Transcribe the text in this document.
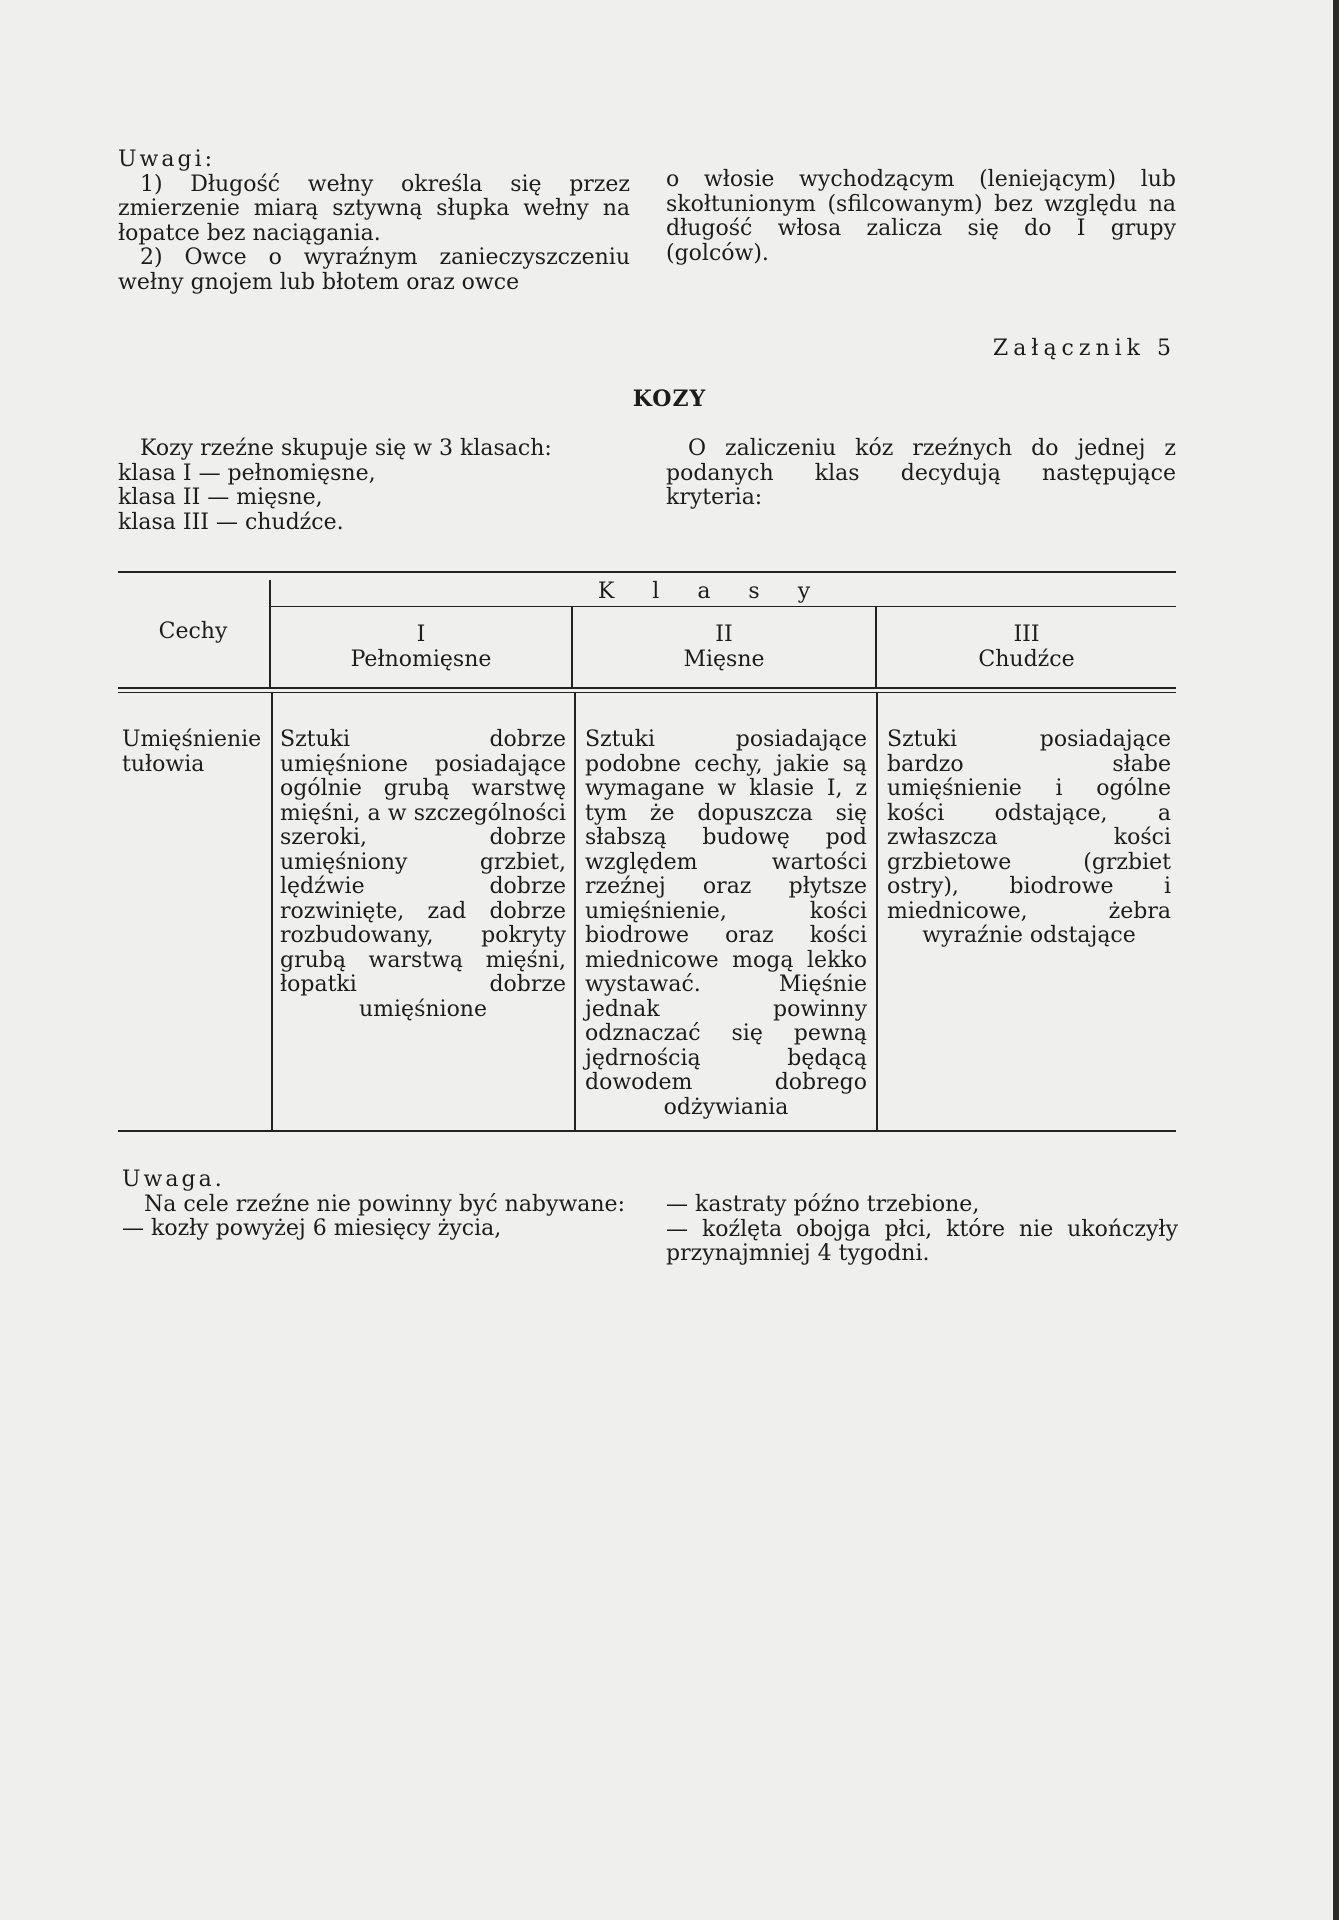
Uwagi:

1) Długość wełny określa się przez zmierzenie miarą sztywną słupka wełny na łopatce bez naciągania.

2) Owce o wyraźnym zanieczyszczeniu wełny gnojem lub błotem oraz owce

o włosie wychodzącym (leniejącym) lub skołtunionym (sfilcowanym) bez względu na długość włosa zalicza się do I grupy (golców).

Załącznik 5
KOZY

Kozy rzeźne skupuje się w 3 klasach:

klasa I — pełnomięsne,

klasa II — mięsne,

klasa III — chudźce.

O zaliczeniu kóz rzeźnych do jednej z podanych klas decydują następujące kryteria:

Klasy
Cechy	I
Pełnomięsne
II
Mięsne
III
Chudźce
Umięśnienie tułowia
Sztuki dobrze umięśnione posiadające ogólnie grubą warstwę mięśni, a w szczególności szeroki, dobrze umięśniony grzbiet, lędźwie dobrze rozwinięte, zad dobrze rozbudowany, pokryty grubą warstwą mięśni, łopatki dobrze umięśnione
Sztuki posiadające podobne cechy, jakie są wymagane w klasie I, z tym że dopuszcza się słabszą budowę pod względem wartości rzeźnej oraz płytsze umięśnienie, kości biodrowe oraz kości miednicowe mogą lekko wystawać. Mięśnie jednak powinny odznaczać się pewną jędrnością będącą dowodem dobrego odżywiania
Sztuki posiadające bardzo słabe umięśnienie i ogólne kości odstające, a zwłaszcza kości grzbietowe (grzbiet ostry), biodrowe i miednicowe, żebra wyraźnie odstające

Uwaga.

Na cele rzeźne nie powinny być nabywane:

— kozły powyżej 6 miesięcy życia,

— kastraty późno trzebione,

— koźlęta obojga płci, które nie ukończyły przynajmniej 4 tygodni.
